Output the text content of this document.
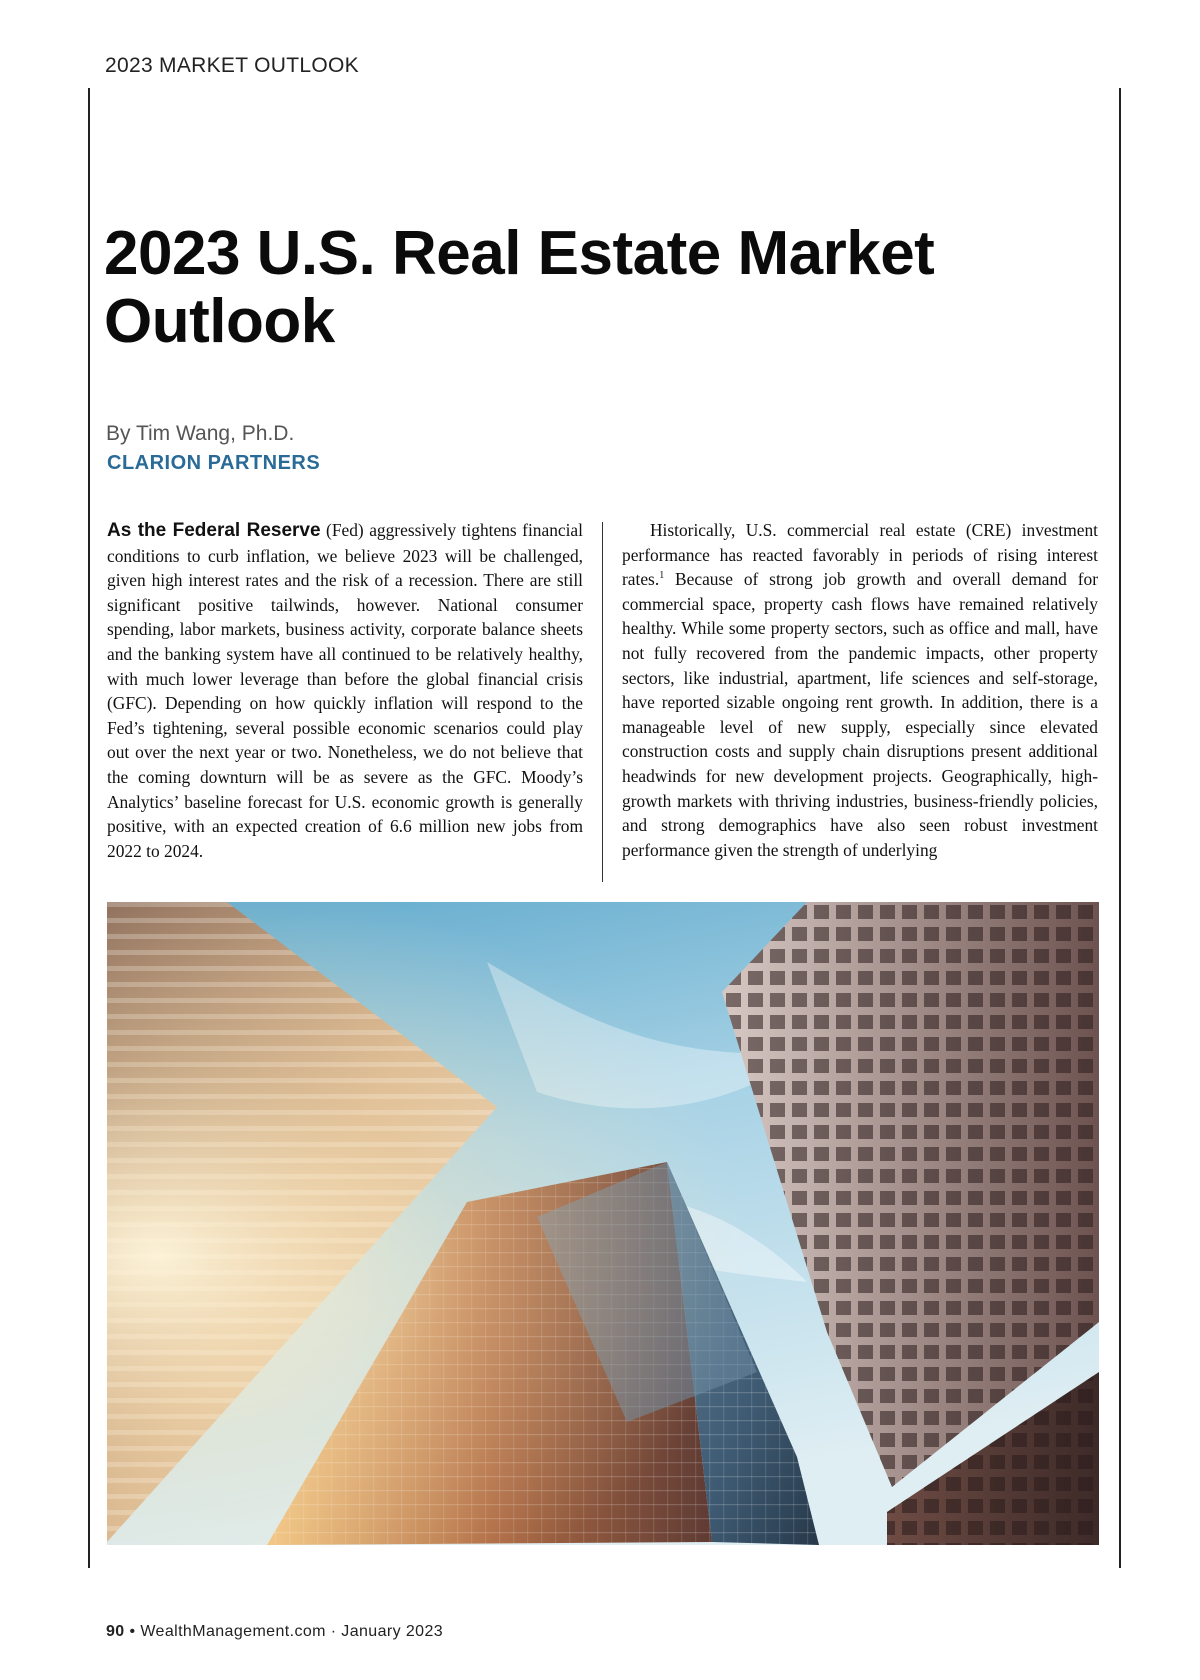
2023 MARKET OUTLOOK
2023 U.S. Real Estate Market Outlook
By Tim Wang, Ph.D.
CLARION PARTNERS
As the Federal Reserve (Fed) aggressively tightens financial conditions to curb inflation, we believe 2023 will be challenged, given high interest rates and the risk of a recession. There are still significant positive tailwinds, however. National consumer spending, labor markets, business activity, corporate balance sheets and the banking system have all continued to be relatively healthy, with much lower leverage than before the global financial crisis (GFC). Depending on how quickly inflation will respond to the Fed’s tightening, several possible economic scenarios could play out over the next year or two. Nonetheless, we do not believe that the coming downturn will be as severe as the GFC. Moody’s Analytics’ baseline forecast for U.S. economic growth is generally positive, with an expected creation of 6.6 million new jobs from 2022 to 2024.
Historically, U.S. commercial real estate (CRE) investment performance has reacted favorably in periods of rising interest rates.$^1$ Because of strong job growth and overall demand for commercial space, property cash flows have remained relatively healthy. While some property sectors, such as office and mall, have not fully recovered from the pandemic impacts, other property sectors, like industrial, apartment, life sciences and self-storage, have reported sizable ongoing rent growth. In addition, there is a manageable level of new supply, especially since elevated construction costs and supply chain disruptions present additional headwinds for new development projects. Geographically, high-growth markets with thriving industries, business-friendly policies, and strong demographics have also seen robust investment performance given the strength of underlying
90 • WealthManagement.com · January 2023
